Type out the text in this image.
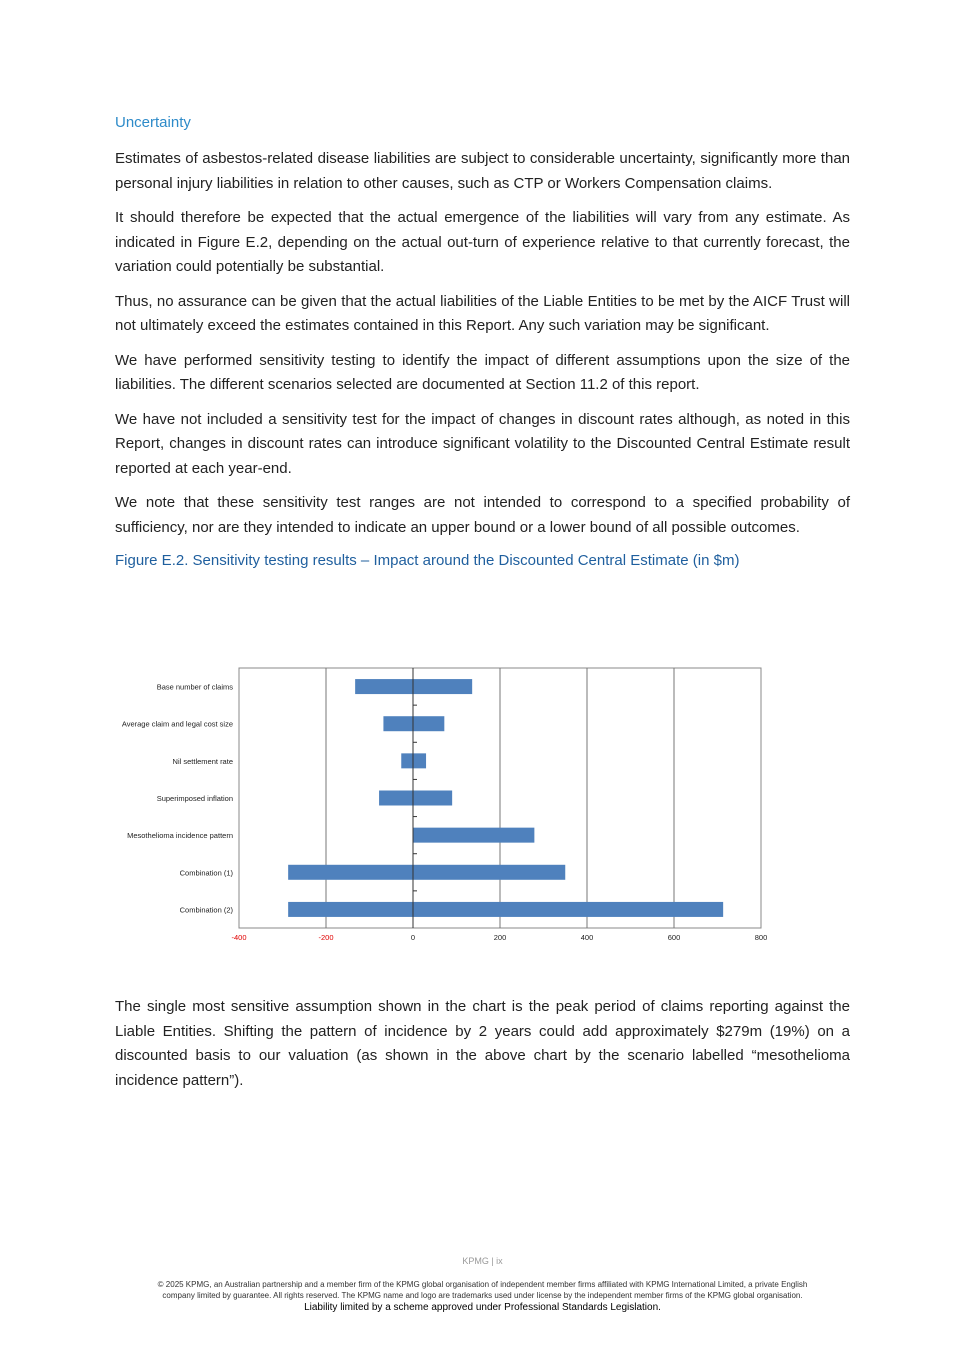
Uncertainty

Estimates of asbestos-related disease liabilities are subject to considerable uncertainty, significantly more than personal injury liabilities in relation to other causes, such as CTP or Workers Compensation claims.

It should therefore be expected that the actual emergence of the liabilities will vary from any estimate. As indicated in Figure E.2, depending on the actual out-turn of experience relative to that currently forecast, the variation could potentially be substantial.

Thus, no assurance can be given that the actual liabilities of the Liable Entities to be met by the AICF Trust will not ultimately exceed the estimates contained in this Report. Any such variation may be significant.

We have performed sensitivity testing to identify the impact of different assumptions upon the size of the liabilities. The different scenarios selected are documented at Section 11.2 of this report.

We have not included a sensitivity test for the impact of changes in discount rates although, as noted in this Report, changes in discount rates can introduce significant volatility to the Discounted Central Estimate result reported at each year-end.

We note that these sensitivity test ranges are not intended to correspond to a specified probability of sufficiency, nor are they intended to indicate an upper bound or a lower bound of all possible outcomes.

Figure E.2. Sensitivity testing results – Impact around the Discounted Central Estimate (in $m)
Base number of claims
Average claim and legal cost size
Nil settlement rate
Superimposed inflation
Mesothelioma incidence pattern
Combination (1)
Combination (2)
-400	-200	0	200	400	600	800

The single most sensitive assumption shown in the chart is the peak period of claims reporting against the Liable Entities. Shifting the pattern of incidence by 2 years could add approximately $279m (19%) on a discounted basis to our valuation (as shown in the above chart by the scenario labelled “mesothelioma incidence pattern”).

KPMG | ix
© 2025 KPMG, an Australian partnership and a member firm of the KPMG global organisation of independent member firms affiliated with KPMG International Limited, a private English
company limited by guarantee. All rights reserved. The KPMG name and logo are trademarks used under license by the independent member firms of the KPMG global organisation.
Liability limited by a scheme approved under Professional Standards Legislation.
